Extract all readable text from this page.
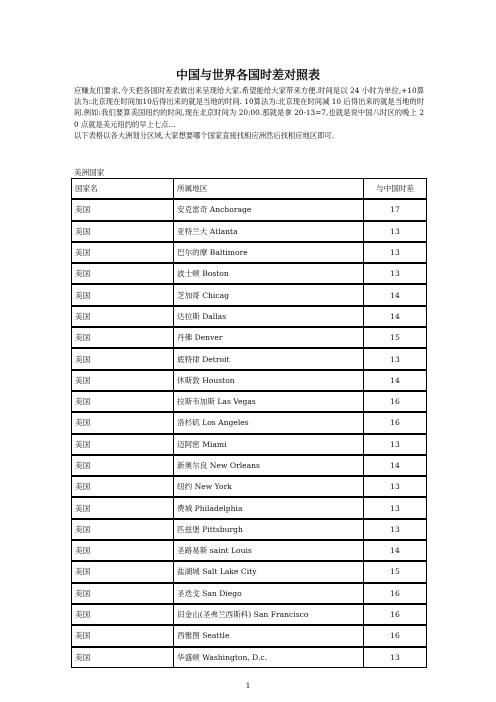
中国与世界各国时差对照表

应赚友们要求,今天把各国时差表做出来呈现给大家.希望能给大家带来方便.时间是以 24 小时为单位,+10算法为:北京现在时间加10后得出来的就是当地的时间. 10算法为:北京现在时间减 10 后得出来的就是当地的时间.例如:我们要算美国纽约的时间,现在北京时间为 20:00.那就是拿 20-13=7,也就是说中国八时区的晚上 20 点就是美元纽约的早上七点...

以下表格以各大洲划分区域,大家想要哪个国家直接找相应洲然后找相应地区即可.

美洲国家
国家名	所属地区	与中国时差
美国	安克雷奇 Anchorage	17
美国	亚特兰大 Atlanta	13
美国	巴尔的摩 Baltimore	13
美国	波士顿 Boston	13
美国	芝加哥 Chicag	14
美国	达拉斯 Dallas	14
美国	丹佛 Denver	15
美国	底特律 Detroit	13
美国	休斯敦 Houston	14
美国	拉斯韦加斯 Las Vegas	16
美国	洛杉矶 Los Angeles	16
美国	迈阿密 Miami	13
美国	新奥尔良 New Orleans	14
美国	纽约 New York	13
美国	费城 Philadelphia	13
美国	匹兹堡 Pittsburgh	13
美国	圣路易斯 saint Louis	14
美国	盐湖城 Salt Lake City	15
美国	圣迭戈 San Diego	16
美国	旧金山(圣弗兰西斯科) San Francisco	16
美国	西雅图 Seattle	16
美国	华盛顿 Washington, D.c.	13
1
